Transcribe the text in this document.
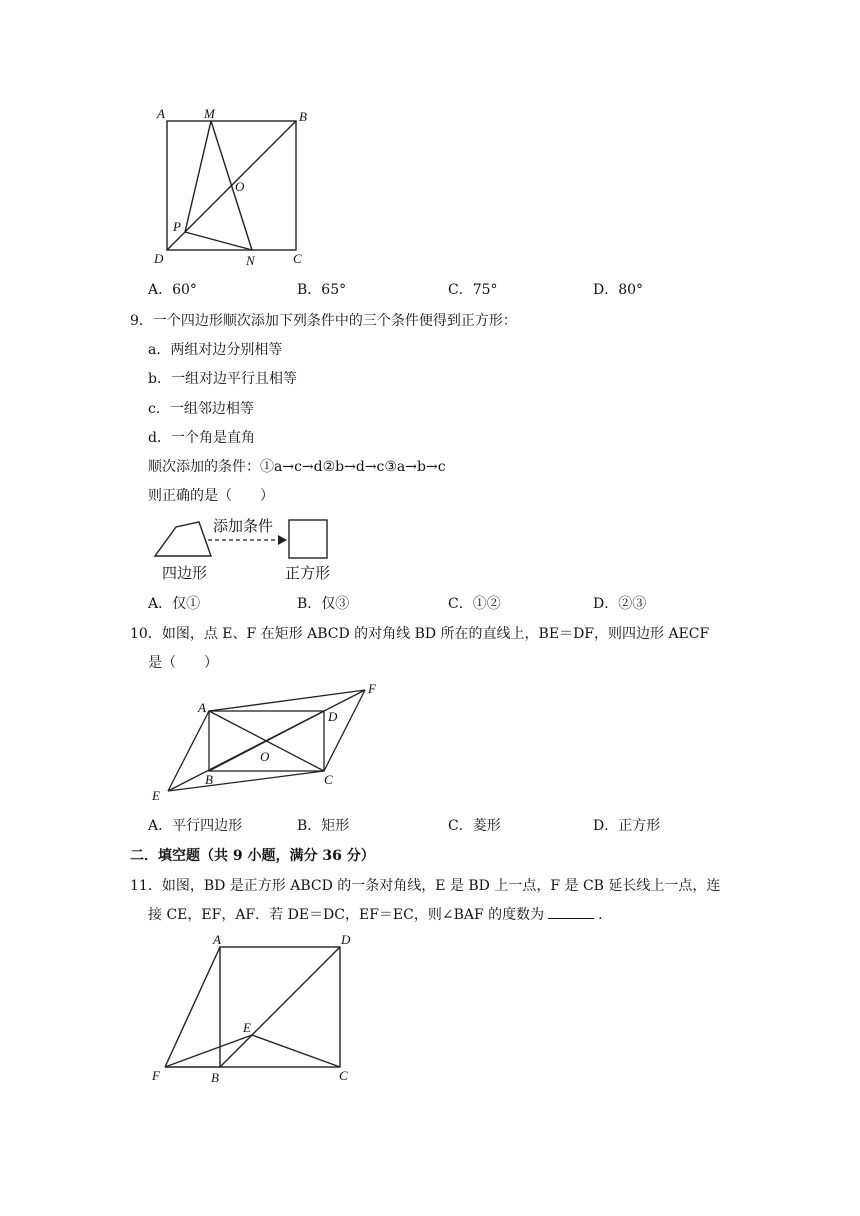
A	M	B
O
P
D	N	C
A．60°	B．65°	C．75°	D．80°
9．一个四边形顺次添加下列条件中的三个条件便得到正方形：
a．两组对边分别相等
b．一组对边平行且相等
c．一组邻边相等
d．一个角是直角
顺次添加的条件：①a→c→d②b→d→c③a→b→c
则正确的是（　　）
添加条件
四边形	正方形
A．仅①	B．仅③	C．①②	D．②③
10．如图，点 E、F 在矩形 ABCD 的对角线 BD 所在的直线上，BE＝DF，则四边形 AECF
是（　　）
A
D
F
O
B	C
E
A．平行四边形	B．矩形	C．菱形	D．正方形
二．填空题（共 9 小题，满分 36 分）
11．如图，BD 是正方形 ABCD 的一条对角线，E 是 BD 上一点，F 是 CB 延长线上一点，连
接 CE，EF，AF．若 DE＝DC，EF＝EC，则∠BAF 的度数为	.
A	D
E
F	B	C
